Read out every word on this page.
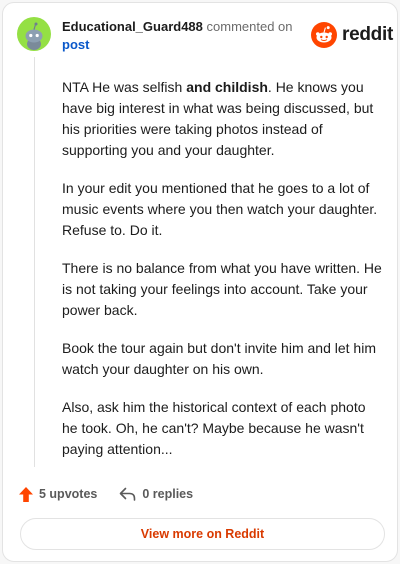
Educational_Guard488 commented on
post	reddit

NTA He was selfish and childish. He knows you have big interest in what was being discussed, but his priorities were taking photos instead of supporting you and your daughter.

In your edit you mentioned that he goes to a lot of music events where you then watch your daughter. Refuse to. Do it.

There is no balance from what you have written. He is not taking your feelings into account. Take your power back.

Book the tour again but don't invite him and let him watch your daughter on his own.

Also, ask him the historical context of each photo he took. Oh, he can't? Maybe because he wasn't paying attention...

5 upvotes	0 replies
View more on Reddit
